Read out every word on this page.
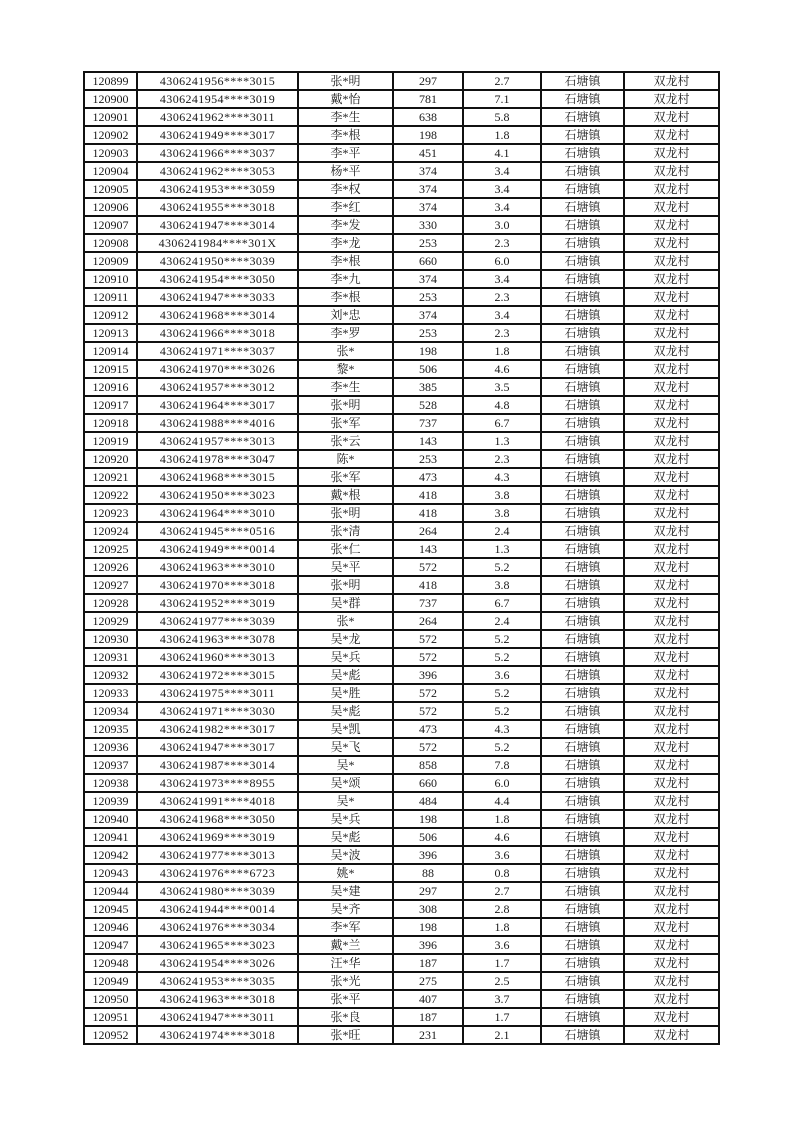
120899	4306241956****3015	张*明	297	2.7	石塘镇	双龙村
120900	4306241954****3019	戴*怡	781	7.1	石塘镇	双龙村
120901	4306241962****3011	李*生	638	5.8	石塘镇	双龙村
120902	4306241949****3017	李*根	198	1.8	石塘镇	双龙村
120903	4306241966****3037	李*平	451	4.1	石塘镇	双龙村
120904	4306241962****3053	杨*平	374	3.4	石塘镇	双龙村
120905	4306241953****3059	李*权	374	3.4	石塘镇	双龙村
120906	4306241955****3018	李*红	374	3.4	石塘镇	双龙村
120907	4306241947****3014	李*发	330	3.0	石塘镇	双龙村
120908	4306241984****301X	李*龙	253	2.3	石塘镇	双龙村
120909	4306241950****3039	李*根	660	6.0	石塘镇	双龙村
120910	4306241954****3050	李*九	374	3.4	石塘镇	双龙村
120911	4306241947****3033	李*根	253	2.3	石塘镇	双龙村
120912	4306241968****3014	刘*忠	374	3.4	石塘镇	双龙村
120913	4306241966****3018	李*罗	253	2.3	石塘镇	双龙村
120914	4306241971****3037	张*	198	1.8	石塘镇	双龙村
120915	4306241970****3026	黎*	506	4.6	石塘镇	双龙村
120916	4306241957****3012	李*生	385	3.5	石塘镇	双龙村
120917	4306241964****3017	张*明	528	4.8	石塘镇	双龙村
120918	4306241988****4016	张*军	737	6.7	石塘镇	双龙村
120919	4306241957****3013	张*云	143	1.3	石塘镇	双龙村
120920	4306241978****3047	陈*	253	2.3	石塘镇	双龙村
120921	4306241968****3015	张*军	473	4.3	石塘镇	双龙村
120922	4306241950****3023	戴*根	418	3.8	石塘镇	双龙村
120923	4306241964****3010	张*明	418	3.8	石塘镇	双龙村
120924	4306241945****0516	张*清	264	2.4	石塘镇	双龙村
120925	4306241949****0014	张*仁	143	1.3	石塘镇	双龙村
120926	4306241963****3010	吴*平	572	5.2	石塘镇	双龙村
120927	4306241970****3018	张*明	418	3.8	石塘镇	双龙村
120928	4306241952****3019	吴*群	737	6.7	石塘镇	双龙村
120929	4306241977****3039	张*	264	2.4	石塘镇	双龙村
120930	4306241963****3078	吴*龙	572	5.2	石塘镇	双龙村
120931	4306241960****3013	吴*兵	572	5.2	石塘镇	双龙村
120932	4306241972****3015	吴*彪	396	3.6	石塘镇	双龙村
120933	4306241975****3011	吴*胜	572	5.2	石塘镇	双龙村
120934	4306241971****3030	吴*彪	572	5.2	石塘镇	双龙村
120935	4306241982****3017	吴*凯	473	4.3	石塘镇	双龙村
120936	4306241947****3017	吴*飞	572	5.2	石塘镇	双龙村
120937	4306241987****3014	吴*	858	7.8	石塘镇	双龙村
120938	4306241973****8955	吴*颂	660	6.0	石塘镇	双龙村
120939	4306241991****4018	吴*	484	4.4	石塘镇	双龙村
120940	4306241968****3050	吴*兵	198	1.8	石塘镇	双龙村
120941	4306241969****3019	吴*彪	506	4.6	石塘镇	双龙村
120942	4306241977****3013	吴*波	396	3.6	石塘镇	双龙村
120943	4306241976****6723	姚*	88	0.8	石塘镇	双龙村
120944	4306241980****3039	吴*建	297	2.7	石塘镇	双龙村
120945	4306241944****0014	吴*齐	308	2.8	石塘镇	双龙村
120946	4306241976****3034	李*军	198	1.8	石塘镇	双龙村
120947	4306241965****3023	戴*兰	396	3.6	石塘镇	双龙村
120948	4306241954****3026	汪*华	187	1.7	石塘镇	双龙村
120949	4306241953****3035	张*光	275	2.5	石塘镇	双龙村
120950	4306241963****3018	张*平	407	3.7	石塘镇	双龙村
120951	4306241947****3011	张*良	187	1.7	石塘镇	双龙村
120952	4306241974****3018	张*旺	231	2.1	石塘镇	双龙村
